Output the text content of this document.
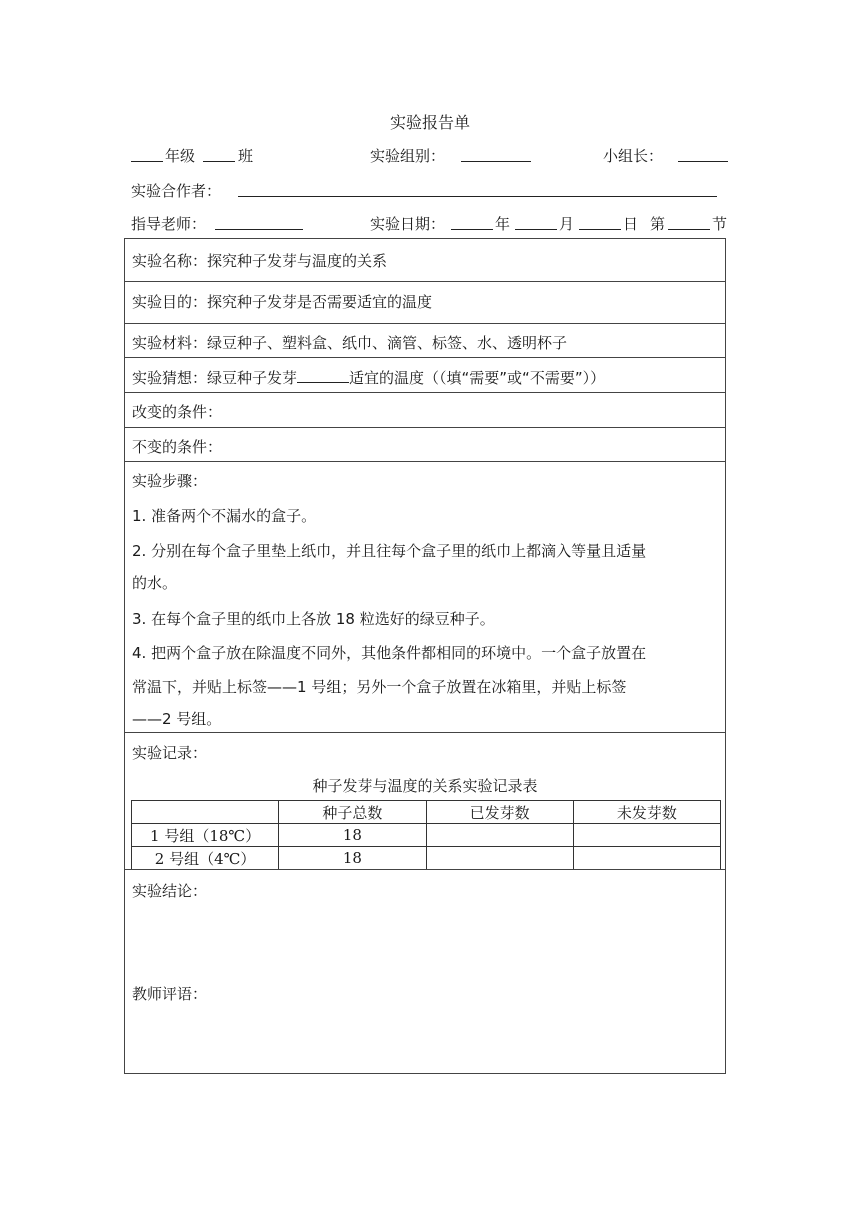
实验报告单
年级	班	实验组别：	小组长：
实验合作者：
指导老师：	实验日期：	年	月	日 第	节
实验名称：探究种子发芽与温度的关系
实验目的：探究种子发芽是否需要适宜的温度
实验材料：绿豆种子、塑料盒、纸巾、滴管、标签、水、透明杯子
实验猜想：绿豆种子发芽	适宜的温度（（填“需要”或“不需要”））
改变的条件：
不变的条件：
实验步骤：
1. 准备两个不漏水的盒子。
2. 分别在每个盒子里垫上纸巾，并且往每个盒子里的纸巾上都滴入等量且适量
的水。
3. 在每个盒子里的纸巾上各放 18 粒选好的绿豆种子。
4. 把两个盒子放在除温度不同外，其他条件都相同的环境中。一个盒子放置在
常温下，并贴上标签——1 号组；另外一个盒子放置在冰箱里，并贴上标签
——2 号组。
实验记录：
种子发芽与温度的关系实验记录表
	种子总数	已发芽数	未发芽数
1 号组（18℃）	18		
2 号组（4℃）	18		
实验结论：
教师评语：
